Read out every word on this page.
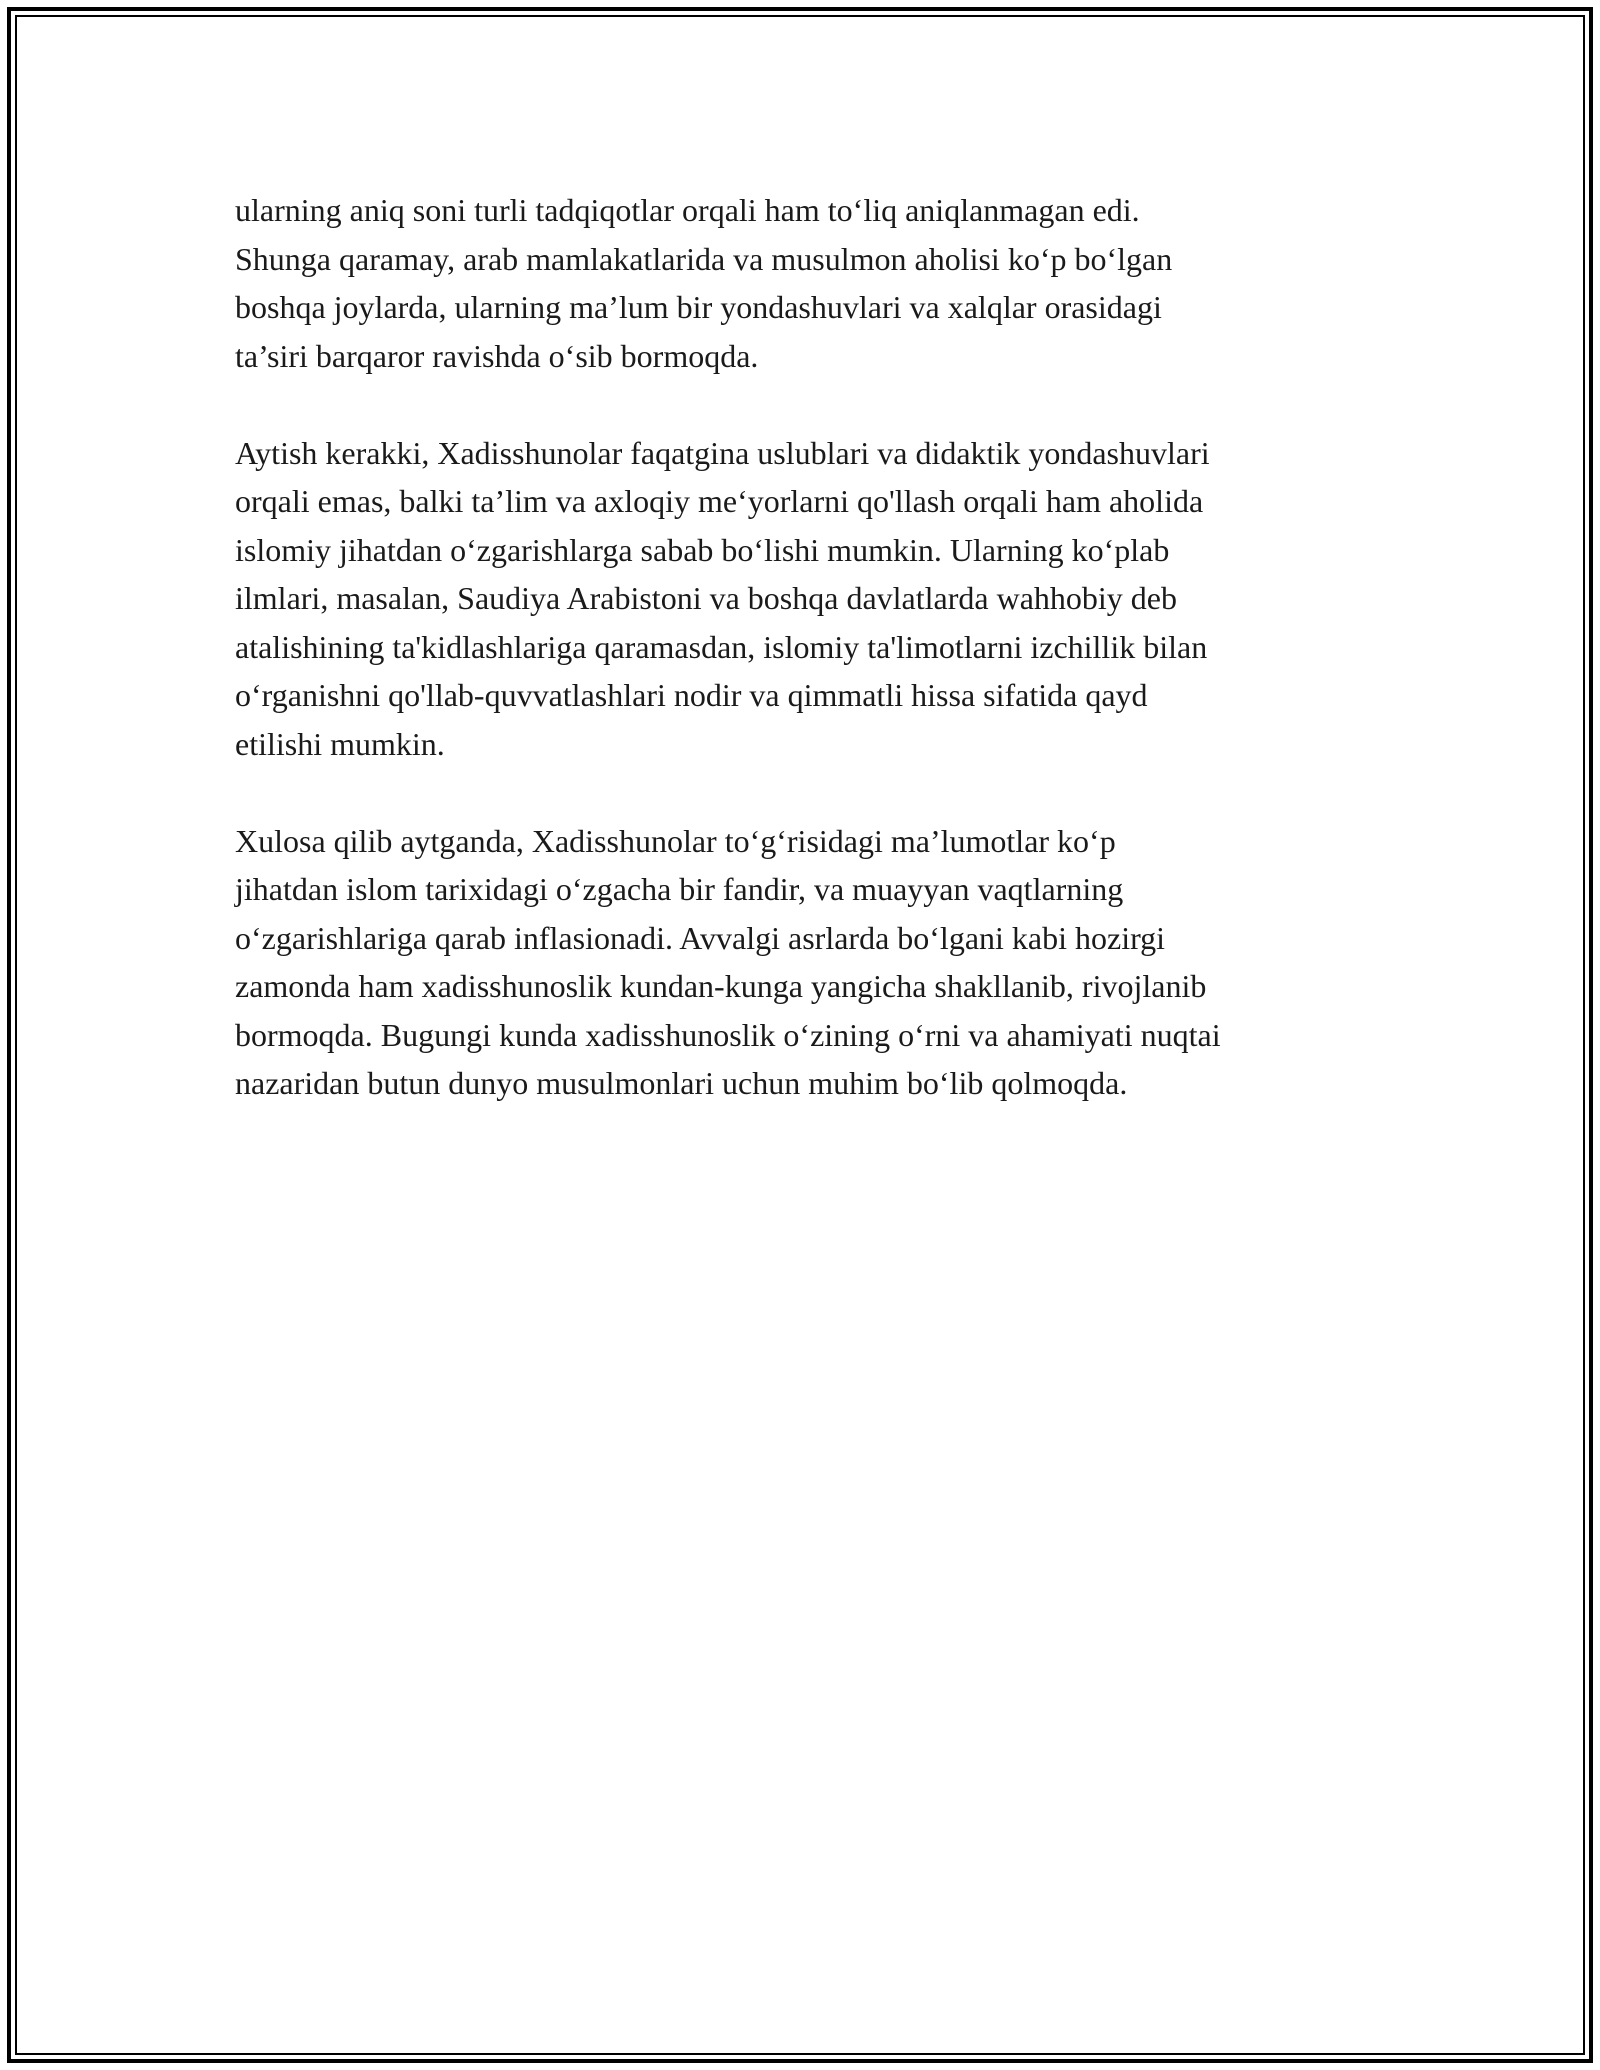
ularning aniq soni turli tadqiqotlar orqali ham to‘liq aniqlanmagan edi.
Shunga qaramay, arab mamlakatlarida va musulmon aholisi ko‘p bo‘lgan
boshqa joylarda, ularning ma’lum bir yondashuvlari va xalqlar orasidagi
ta’siri barqaror ravishda o‘sib bormoqda.

Aytish kerakki, Xadisshunolar faqatgina uslublari va didaktik yondashuvlari
orqali emas, balki ta’lim va axloqiy me‘yorlarni qo'llash orqali ham aholida
islomiy jihatdan o‘zgarishlarga sabab bo‘lishi mumkin. Ularning ko‘plab
ilmlari, masalan, Saudiya Arabistoni va boshqa davlatlarda wahhobiy deb
atalishining ta'kidlashlariga qaramasdan, islomiy ta'limotlarni izchillik bilan
o‘rganishni qo'llab-quvvatlashlari nodir va qimmatli hissa sifatida qayd
etilishi mumkin.

Xulosa qilib aytganda, Xadisshunolar to‘g‘risidagi ma’lumotlar ko‘p
jihatdan islom tarixidagi o‘zgacha bir fandir, va muayyan vaqtlarning
o‘zgarishlariga qarab inflasionadi. Avvalgi asrlarda bo‘lgani kabi hozirgi
zamonda ham xadisshunoslik kundan-kunga yangicha shakllanib, rivojlanib
bormoqda. Bugungi kunda xadisshunoslik o‘zining o‘rni va ahamiyati nuqtai
nazaridan butun dunyo musulmonlari uchun muhim bo‘lib qolmoqda.
